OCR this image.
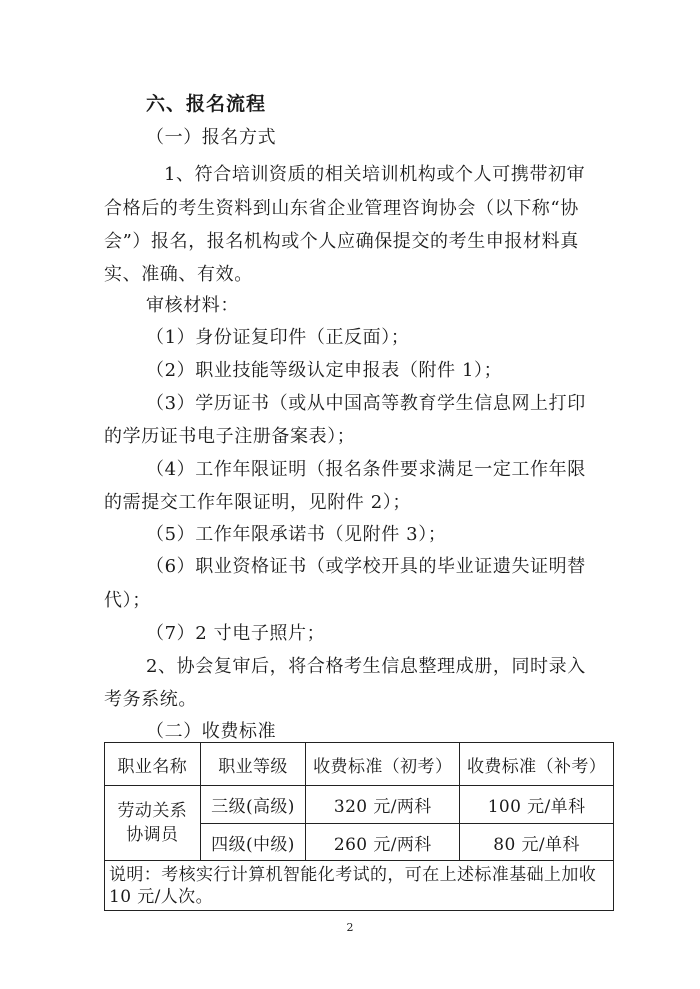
六、报名流程
（一）报名方式
1、符合培训资质的相关培训机构或个人可携带初审
合格后的考生资料到山东省企业管理咨询协会（以下称“协
会”）报名，报名机构或个人应确保提交的考生申报材料真
实、准确、有效。
审核材料：
（1）身份证复印件（正反面）；
（2）职业技能等级认定申报表（附件 1）；
（3）学历证书（或从中国高等教育学生信息网上打印
的学历证书电子注册备案表）；
（4）工作年限证明（报名条件要求满足一定工作年限
的需提交工作年限证明，见附件 2）；
（5）工作年限承诺书（见附件 3）；
（6）职业资格证书（或学校开具的毕业证遗失证明替
代）；
（7）2 寸电子照片；
2、协会复审后，将合格考生信息整理成册，同时录入
考务系统。
（二）收费标准
职业名称	职业等级	收费标准（初考）	收费标准（补考）

劳动关系
协调员	三级(高级)	320 元/两科	100 元/单科
	四级(中级)	260 元/两科	80 元/单科
说明：考核实行计算机智能化考试的，可在上述标准基础上加收 10 元/人次。			
2
